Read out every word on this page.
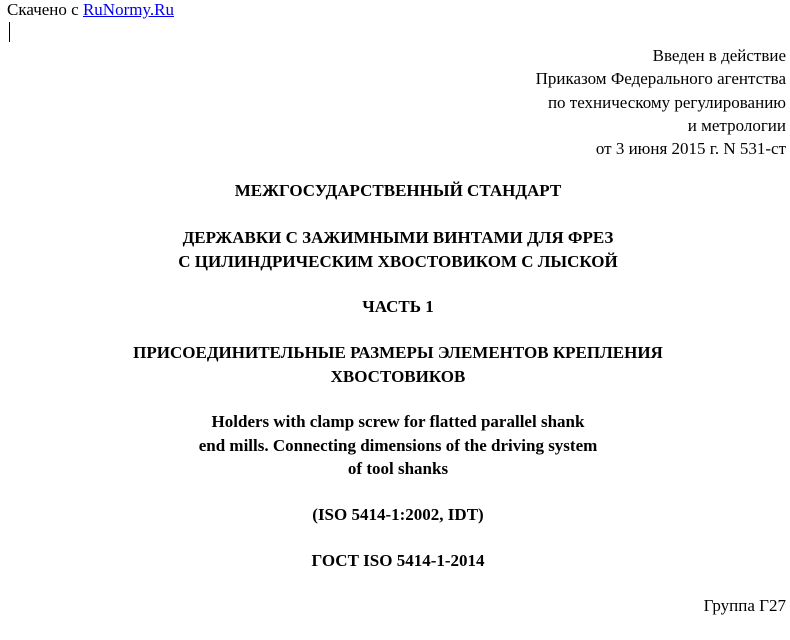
Скачено с RuNormy.Ru
Введен в действие
Приказом Федерального агентства
по техническому регулированию
и метрологии
от 3 июня 2015 г. N 531-ст
МЕЖГОСУДАРСТВЕННЫЙ СТАНДАРТ
ДЕРЖАВКИ С ЗАЖИМНЫМИ ВИНТАМИ ДЛЯ ФРЕЗ
С ЦИЛИНДРИЧЕСКИМ ХВОСТОВИКОМ С ЛЫСКОЙ
ЧАСТЬ 1
ПРИСОЕДИНИТЕЛЬНЫЕ РАЗМЕРЫ ЭЛЕМЕНТОВ КРЕПЛЕНИЯ
ХВОСТОВИКОВ
Holders with clamp screw for flatted parallel shank
end mills. Connecting dimensions of the driving system
of tool shanks
(ISO 5414-1:2002, IDT)
ГОСТ ISO 5414-1-2014
Группа Г27
